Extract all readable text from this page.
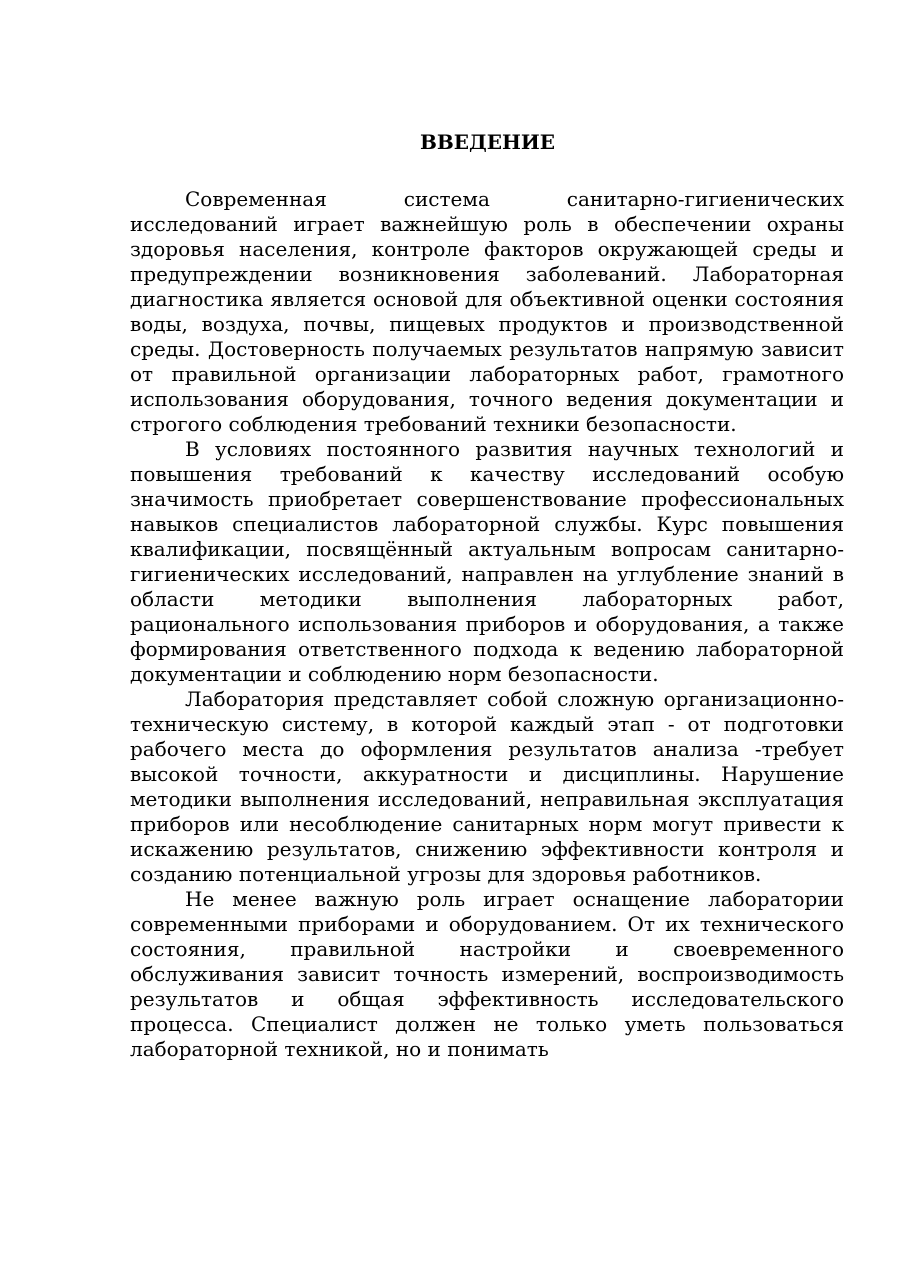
ВВЕДЕНИЕ

Современная система санитарно-гигиенических исследований играет важнейшую роль в обеспечении охраны здоровья населения, контроле факторов окружающей среды и предупреждении возникновения заболеваний. Лабораторная диагностика является основой для объективной оценки состояния воды, воздуха, почвы, пищевых продуктов и производственной среды. Достоверность получаемых результатов напрямую зависит от правильной организации лабораторных работ, грамотного использования оборудования, точного ведения документации и строгого соблюдения требований техники безопасности.

В условиях постоянного развития научных технологий и повышения требований к качеству исследований особую значимость приобретает совершенствование профессиональных навыков специалистов лабораторной службы. Курс повышения квалификации, посвящённый актуальным вопросам санитарно-гигиенических исследований, направлен на углубление знаний в области методики выполнения лабораторных работ, рационального использования приборов и оборудования, а также формирования ответственного подхода к ведению лабораторной документации и соблюдению норм безопасности.

Лаборатория представляет собой сложную организационно-техническую систему, в которой каждый этап - от подготовки рабочего места до оформления результатов анализа -требует высокой точности, аккуратности и дисциплины. Нарушение методики выполнения исследований, неправильная эксплуатация приборов или несоблюдение санитарных норм могут привести к искажению результатов, снижению эффективности контроля и созданию потенциальной угрозы для здоровья работников.

Не менее важную роль играет оснащение лаборатории современными приборами и оборудованием. От их технического состояния, правильной настройки и своевременного обслуживания зависит точность измерений, воспроизводимость результатов и общая эффективность исследовательского процесса. Специалист должен не только уметь пользоваться лабораторной техникой, но и понимать
